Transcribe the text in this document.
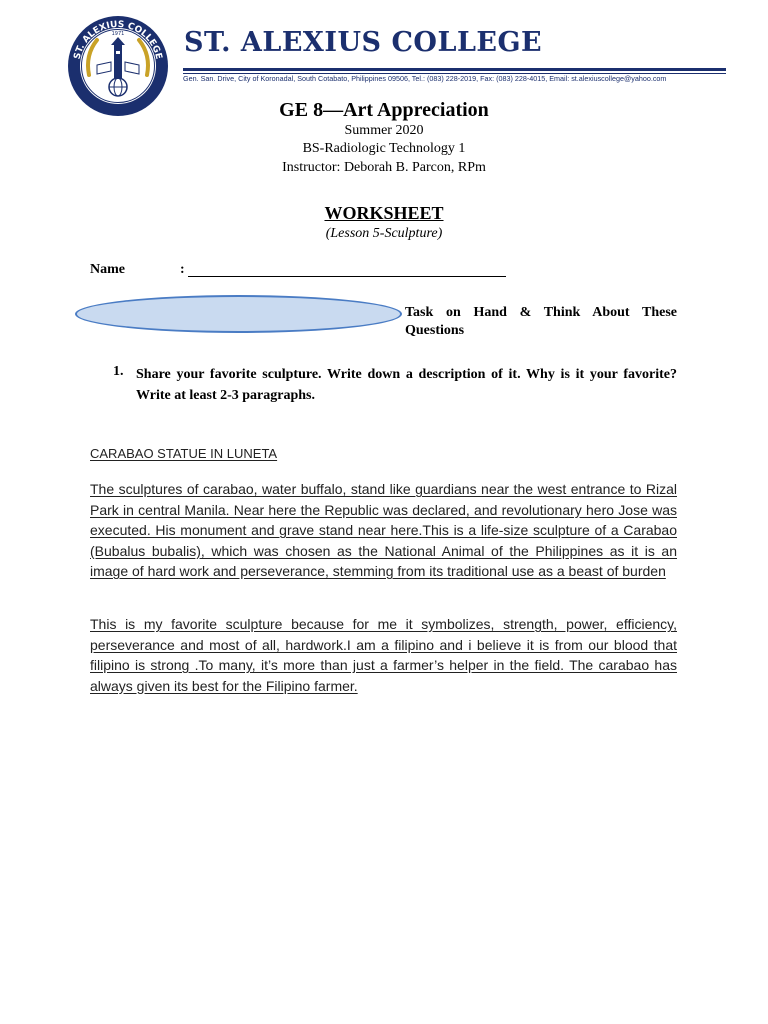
1971
ST. ALEXIUS COLLEGE ST. ALEXIUS COLLEGE
Gen. San. Drive, City of Koronadal, South Cotabato, Philippines 09506, Tel.: (083) 228-2019, Fax: (083) 228-4015, Email: st.alexiuscollege@yahoo.com
GE 8—Art Appreciation
Summer 2020
BS-Radiologic Technology 1
Instructor: Deborah B. Parcon, RPm
WORKSHEET
(Lesson 5-Sculpture)
Name	:
Task on Hand & Think About These
Questions
1. Share your favorite sculpture. Write down a description of it. Why is it your favorite? Write at least 2-3 paragraphs.
CARABAO STATUE IN LUNETA
The sculptures of carabao, water buffalo, stand like guardians near the west entrance to Rizal Park in central Manila. Near here the Republic was declared, and revolutionary hero Jose was executed. His monument and grave stand near here.This is a life-size sculpture of a Carabao (Bubalus bubalis), which was chosen as the National Animal of the Philippines as it is an image of hard work and perseverance, stemming from its traditional use as a beast of burden
This is my favorite sculpture because for me it symbolizes, strength, power, efficiency, perseverance and most of all, hardwork.I am a filipino and i believe it is from our blood that filipino is strong .To many, it’s more than just a farmer’s helper in the field. The carabao has always given its best for the Filipino farmer.
